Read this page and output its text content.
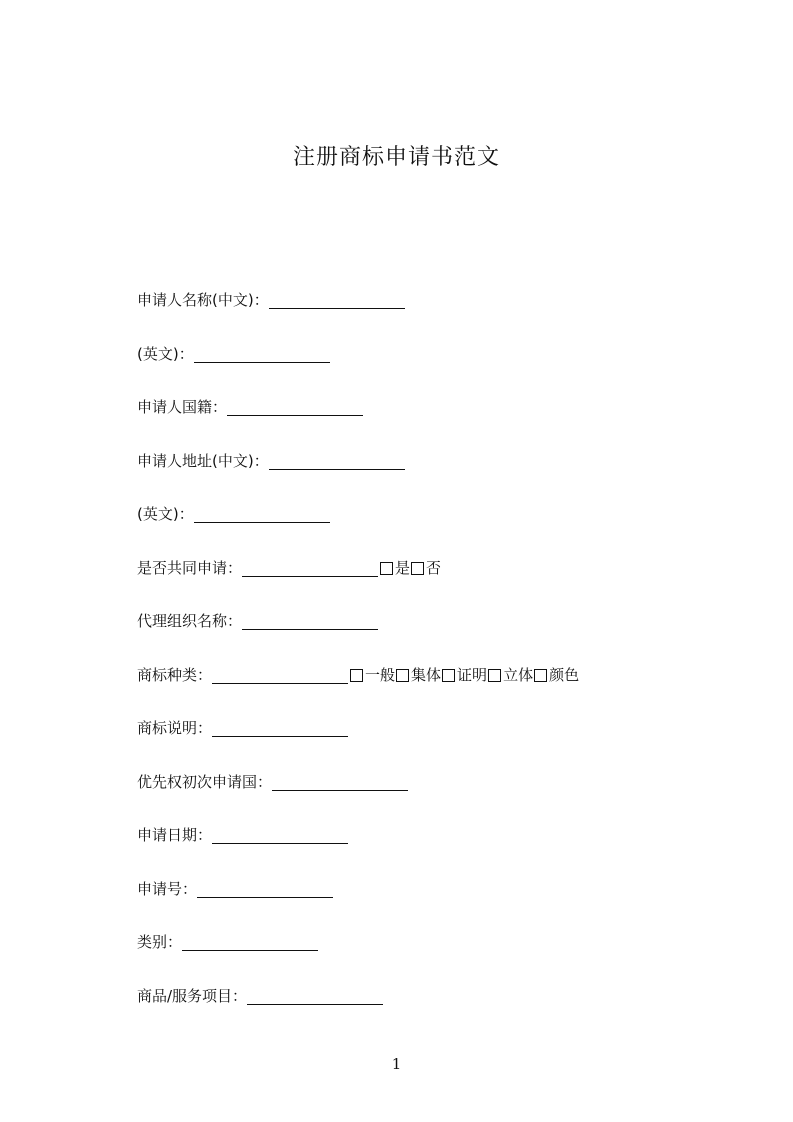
注册商标申请书范文
申请人名称(中文)：
(英文)：
申请人国籍：
申请人地址(中文)：
(英文)：
是否共同申请：	是 否
代理组织名称：
商标种类：	一般 集体 证明 立体 颜色
商标说明：
优先权初次申请国：
申请日期：
申请号：
类别：
商品/服务项目：
1
